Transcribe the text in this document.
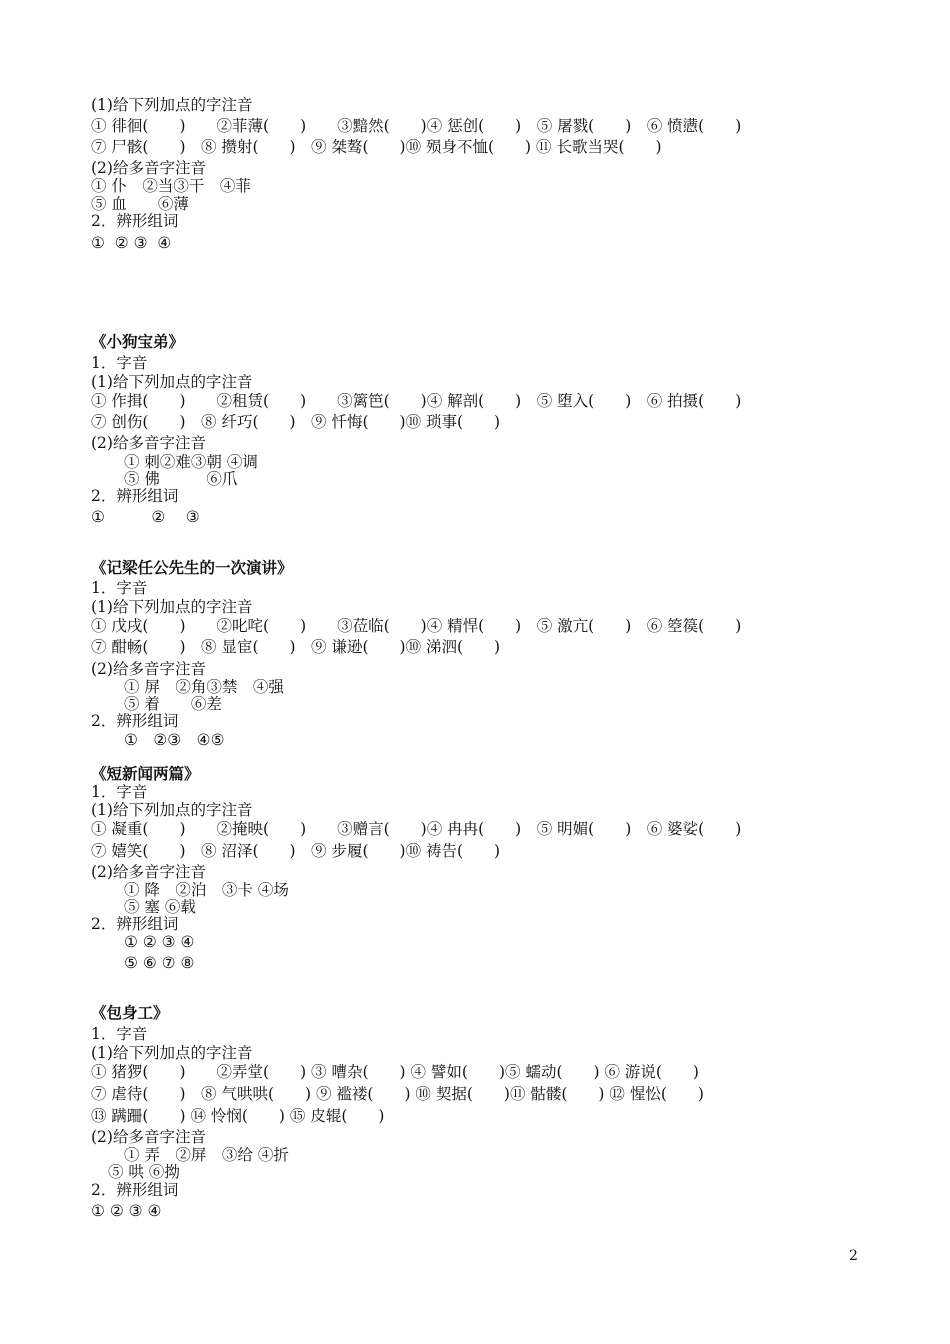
(1)给下列加点的字注音
① 徘徊(　　)　　②菲薄(　　)　　③黯然(　　)④ 惩创(　　)　⑤ 屠戮(　　)　⑥ 愤懑(　　)
⑦ 尸骸(　　)　⑧ 攒射(　　)　⑨ 桀骜(　　)⑩ 殒身不恤(　　) ⑪ 长歌当哭(　　)
(2)给多音字注音
① 仆　②当③干　④菲
⑤ 血　　⑥薄
2．辨形组词
①  ② ③  ④
《小狗宝弟》
1．字音
(1)给下列加点的字注音
① 作揖(　　)　　②租赁(　　)　　③篱笆(　　)④ 解剖(　　)　⑤ 堕入(　　)　⑥ 拍摄(　　)
⑦ 创伤(　　)　⑧ 纤巧(　　)　⑨ 忏悔(　　)⑩ 琐事(　　)
(2)给多音字注音
① 刺②难③朝 ④调
⑤ 佛　　　⑥爪
2．辨形组词
①　　　②　 ③
《记梁任公先生的一次演讲》
1．字音
(1)给下列加点的字注音
① 戊戌(　　)　　②叱咤(　　)　　③莅临(　　)④ 精悍(　　)　⑤ 激亢(　　)　⑥ 箜篌(　　)
⑦ 酣畅(　　)　⑧ 显宦(　　)　⑨ 谦逊(　　)⑩ 涕泗(　　)
(2)给多音字注音
① 屏　②角③禁　④强
⑤ 着　　⑥差
2．辨形组词
①　②③　④⑤
《短新闻两篇》
1．字音
(1)给下列加点的字注音
① 凝重(　　)　　②掩映(　　)　　③赠言(　　)④ 冉冉(　　)　⑤ 明媚(　　)　⑥ 婆娑(　　)
⑦ 嬉笑(　　)　⑧ 沼泽(　　)　⑨ 步履(　　)⑩ 祷告(　　)
(2)给多音字注音
① 降　②泊　③卡 ④场
⑤ 塞 ⑥载
2．辨形组词
① ② ③ ④
⑤ ⑥ ⑦ ⑧
《包身工》
1．字音
(1)给下列加点的字注音
① 猪猡(　　)　　②弄堂(　　) ③ 嘈杂(　　) ④ 譬如(　　)⑤ 蠕动(　　) ⑥ 游说(　　)
⑦ 虐待(　　)　⑧ 气哄哄(　　) ⑨ 褴褛(　　) ⑩ 契据(　　)⑪ 骷髅(　　) ⑫ 惺忪(　　)
⑬ 蹒跚(　　) ⑭ 怜悯(　　) ⑮ 皮辊(　　)
(2)给多音字注音
① 弄　②屏　③给 ④折
⑤ 哄 ⑥拗
2．辨形组词
① ② ③ ④
2
